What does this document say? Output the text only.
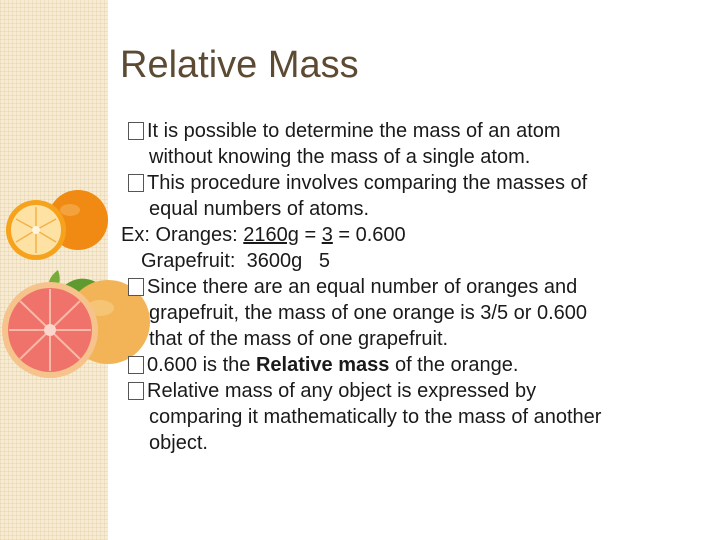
Relative Mass
It is possible to determine the mass of an atom
without knowing the mass of a single atom.
This procedure involves comparing the masses of
equal numbers of atoms.
Ex: Oranges: 2160g = 3 = 0.600
Grapefruit:  3600g   5
Since there are an equal number of oranges and
grapefruit, the mass of one orange is 3/5 or 0.600
that of the mass of one grapefruit.
0.600 is the Relative mass of the orange.
Relative mass of any object is expressed by
comparing it mathematically to the mass of another
object.
